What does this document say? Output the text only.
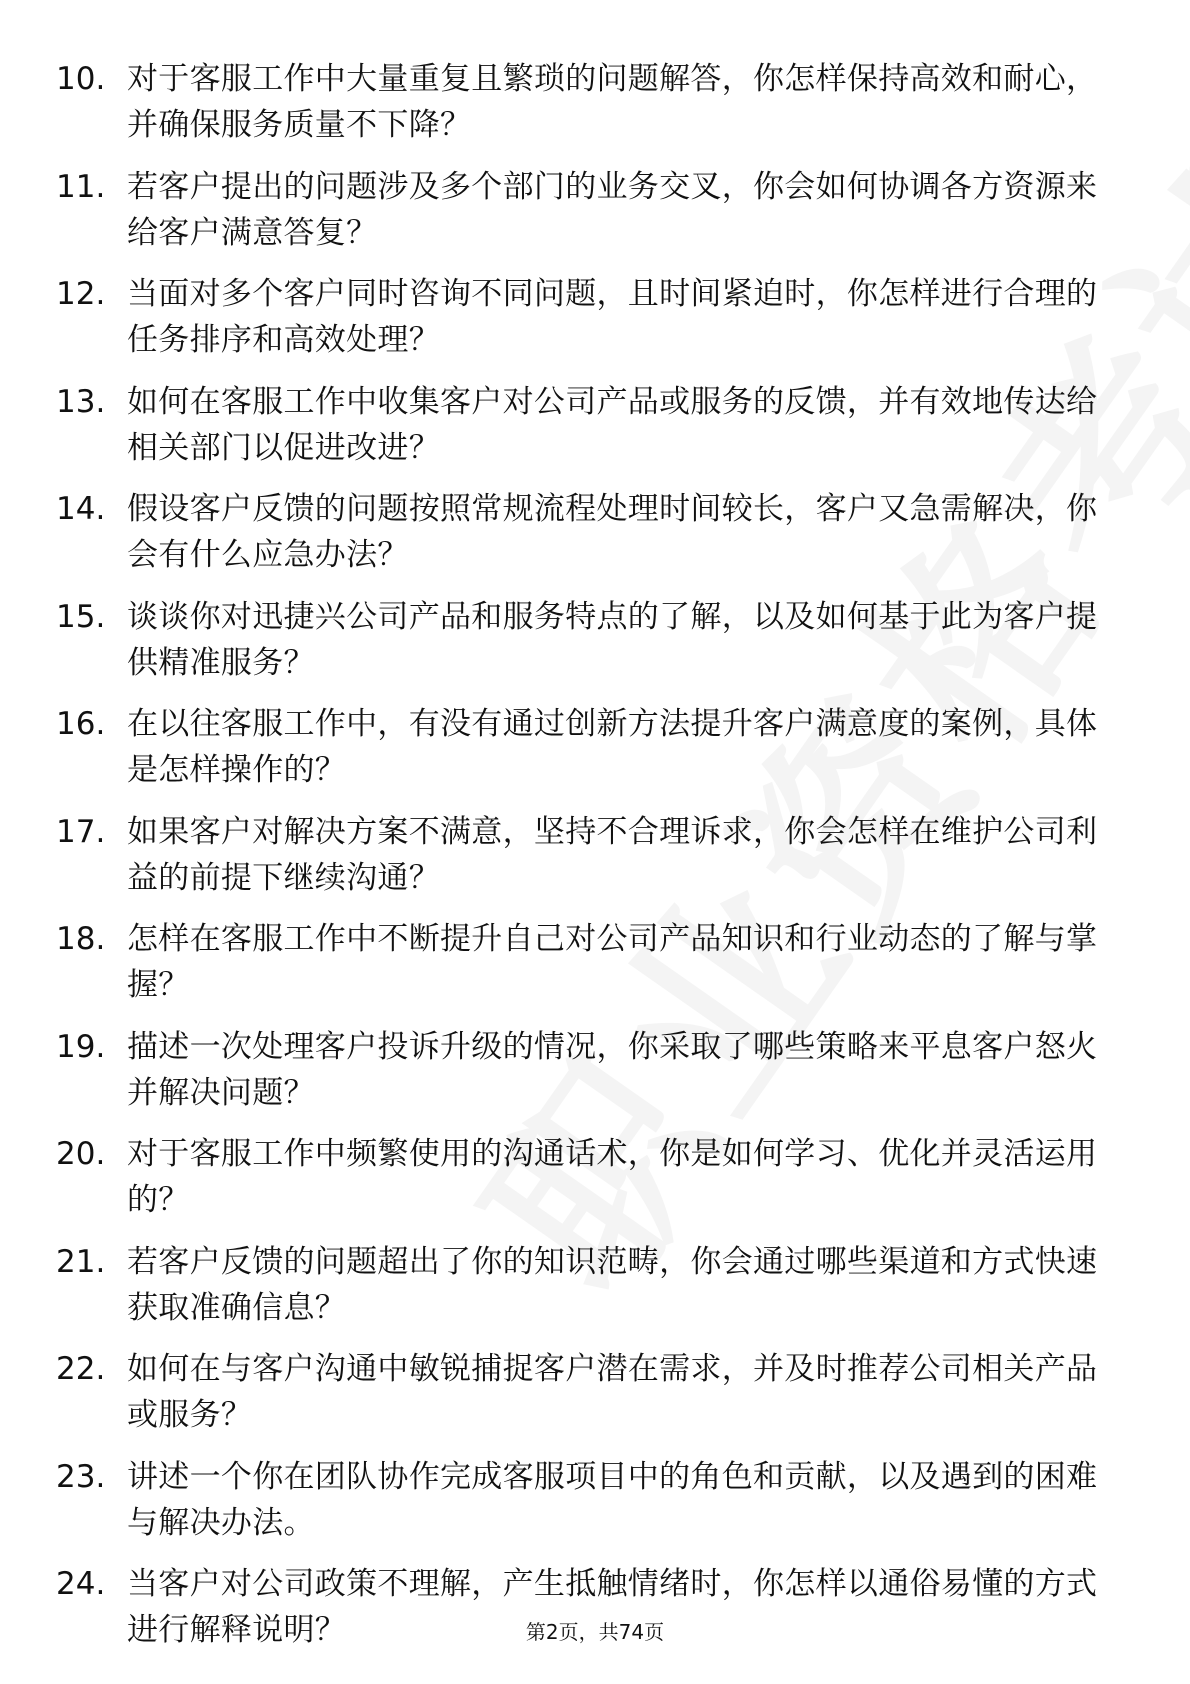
10. 对于客服工作中大量重复且繁琐的问题解答，你怎样保持高效和耐心，并确保服务质量不下降？
11. 若客户提出的问题涉及多个部门的业务交叉，你会如何协调各方资源来给客户满意答复？
12. 当面对多个客户同时咨询不同问题，且时间紧迫时，你怎样进行合理的任务排序和高效处理？
13. 如何在客服工作中收集客户对公司产品或服务的反馈，并有效地传达给相关部门以促进改进？
14. 假设客户反馈的问题按照常规流程处理时间较长，客户又急需解决，你会有什么应急办法？
15. 谈谈你对迅捷兴公司产品和服务特点的了解，以及如何基于此为客户提供精准服务？
16. 在以往客服工作中，有没有通过创新方法提升客户满意度的案例，具体是怎样操作的？
17. 如果客户对解决方案不满意，坚持不合理诉求，你会怎样在维护公司利益的前提下继续沟通？
18. 怎样在客服工作中不断提升自己对公司产品知识和行业动态的了解与掌握？
19. 描述一次处理客户投诉升级的情况，你采取了哪些策略来平息客户怒火并解决问题？
20. 对于客服工作中频繁使用的沟通话术，你是如何学习、优化并灵活运用的？
21. 若客户反馈的问题超出了你的知识范畴，你会通过哪些渠道和方式快速获取准确信息？
22. 如何在与客户沟通中敏锐捕捉客户潜在需求，并及时推荐公司相关产品或服务？
23. 讲述一个你在团队协作完成客服项目中的角色和贡献，以及遇到的困难与解决办法。
24. 当客户对公司政策不理解，产生抵触情绪时，你怎样以通俗易懂的方式进行解释说明？	第2页，共74页
